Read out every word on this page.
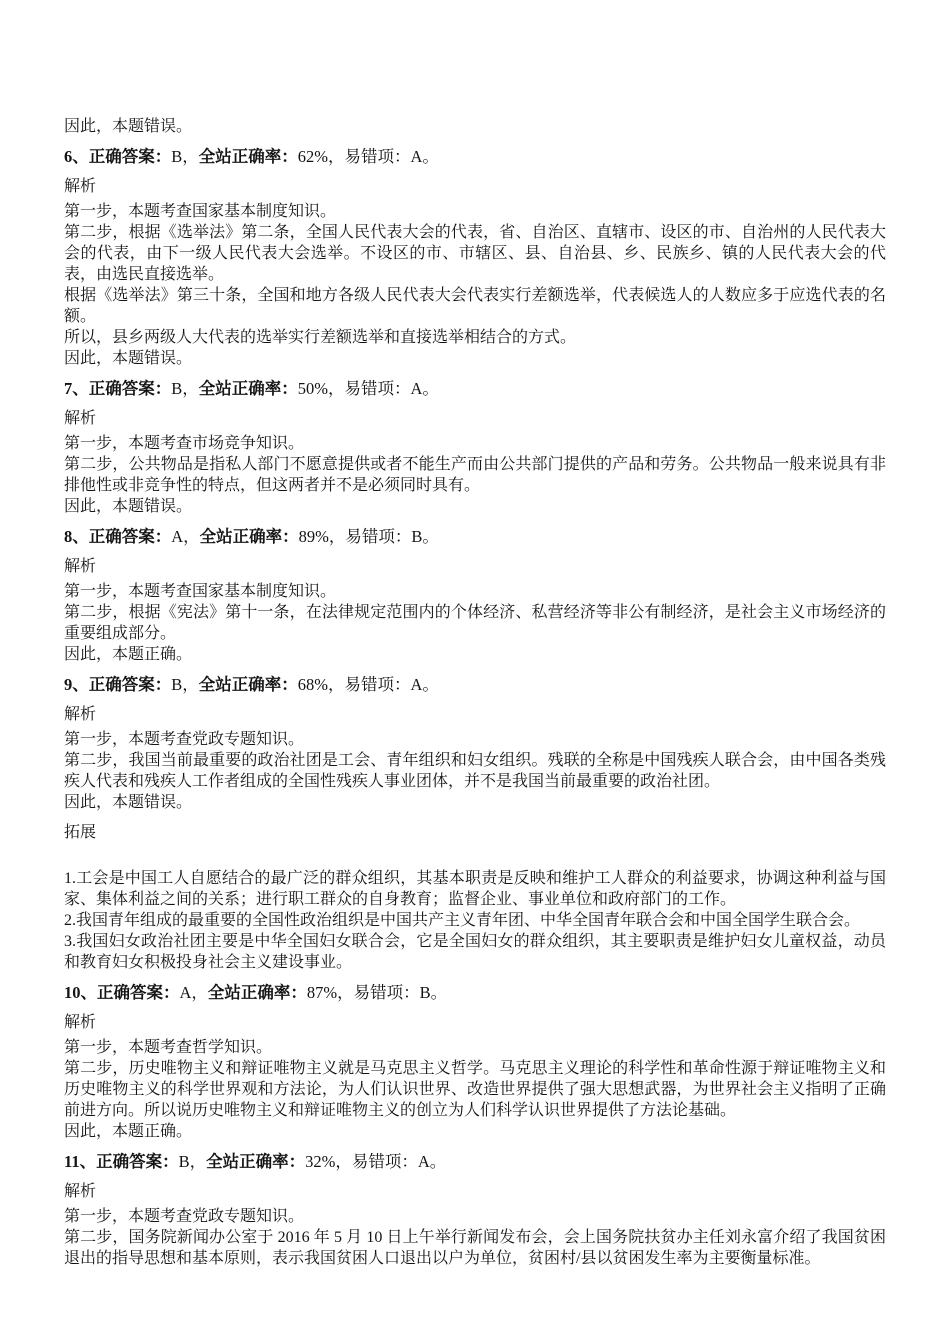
因此，本题错误。

6、正确答案：B，全站正确率：62%，易错项：A。

解析

第一步，本题考查国家基本制度知识。

第二步，根据《选举法》第二条，全国人民代表大会的代表，省、自治区、直辖市、设区的市、自治州的人民代表大会的代表，由下一级人民代表大会选举。不设区的市、市辖区、县、自治县、乡、民族乡、镇的人民代表大会的代表，由选民直接选举。

根据《选举法》第三十条，全国和地方各级人民代表大会代表实行差额选举，代表候选人的人数应多于应选代表的名额。

所以，县乡两级人大代表的选举实行差额选举和直接选举相结合的方式。

因此，本题错误。

7、正确答案：B，全站正确率：50%，易错项：A。

解析

第一步，本题考查市场竞争知识。

第二步，公共物品是指私人部门不愿意提供或者不能生产而由公共部门提供的产品和劳务。公共物品一般来说具有非排他性或非竞争性的特点，但这两者并不是必须同时具有。

因此，本题错误。

8、正确答案：A，全站正确率：89%，易错项：B。

解析

第一步，本题考查国家基本制度知识。

第二步，根据《宪法》第十一条，在法律规定范围内的个体经济、私营经济等非公有制经济，是社会主义市场经济的重要组成部分。

因此，本题正确。

9、正确答案：B，全站正确率：68%，易错项：A。

解析

第一步，本题考查党政专题知识。

第二步，我国当前最重要的政治社团是工会、青年组织和妇女组织。残联的全称是中国残疾人联合会，由中国各类残疾人代表和残疾人工作者组成的全国性残疾人事业团体，并不是我国当前最重要的政治社团。

因此，本题错误。

拓展

1.工会是中国工人自愿结合的最广泛的群众组织，其基本职责是反映和维护工人群众的利益要求，协调这种利益与国家、集体利益之间的关系；进行职工群众的自身教育；监督企业、事业单位和政府部门的工作。

2.我国青年组成的最重要的全国性政治组织是中国共产主义青年团、中华全国青年联合会和中国全国学生联合会。

3.我国妇女政治社团主要是中华全国妇女联合会，它是全国妇女的群众组织，其主要职责是维护妇女儿童权益，动员和教育妇女积极投身社会主义建设事业。

10、正确答案：A，全站正确率：87%，易错项：B。

解析

第一步，本题考查哲学知识。

第二步，历史唯物主义和辩证唯物主义就是马克思主义哲学。马克思主义理论的科学性和革命性源于辩证唯物主义和历史唯物主义的科学世界观和方法论，为人们认识世界、改造世界提供了强大思想武器，为世界社会主义指明了正确前进方向。所以说历史唯物主义和辩证唯物主义的创立为人们科学认识世界提供了方法论基础。

因此，本题正确。

11、正确答案：B，全站正确率：32%，易错项：A。

解析

第一步，本题考查党政专题知识。

第二步，国务院新闻办公室于 2016 年 5 月 10 日上午举行新闻发布会，会上国务院扶贫办主任刘永富介绍了我国贫困退出的指导思想和基本原则，表示我国贫困人口退出以户为单位，贫困村/县以贫困发生率为主要衡量标准。
